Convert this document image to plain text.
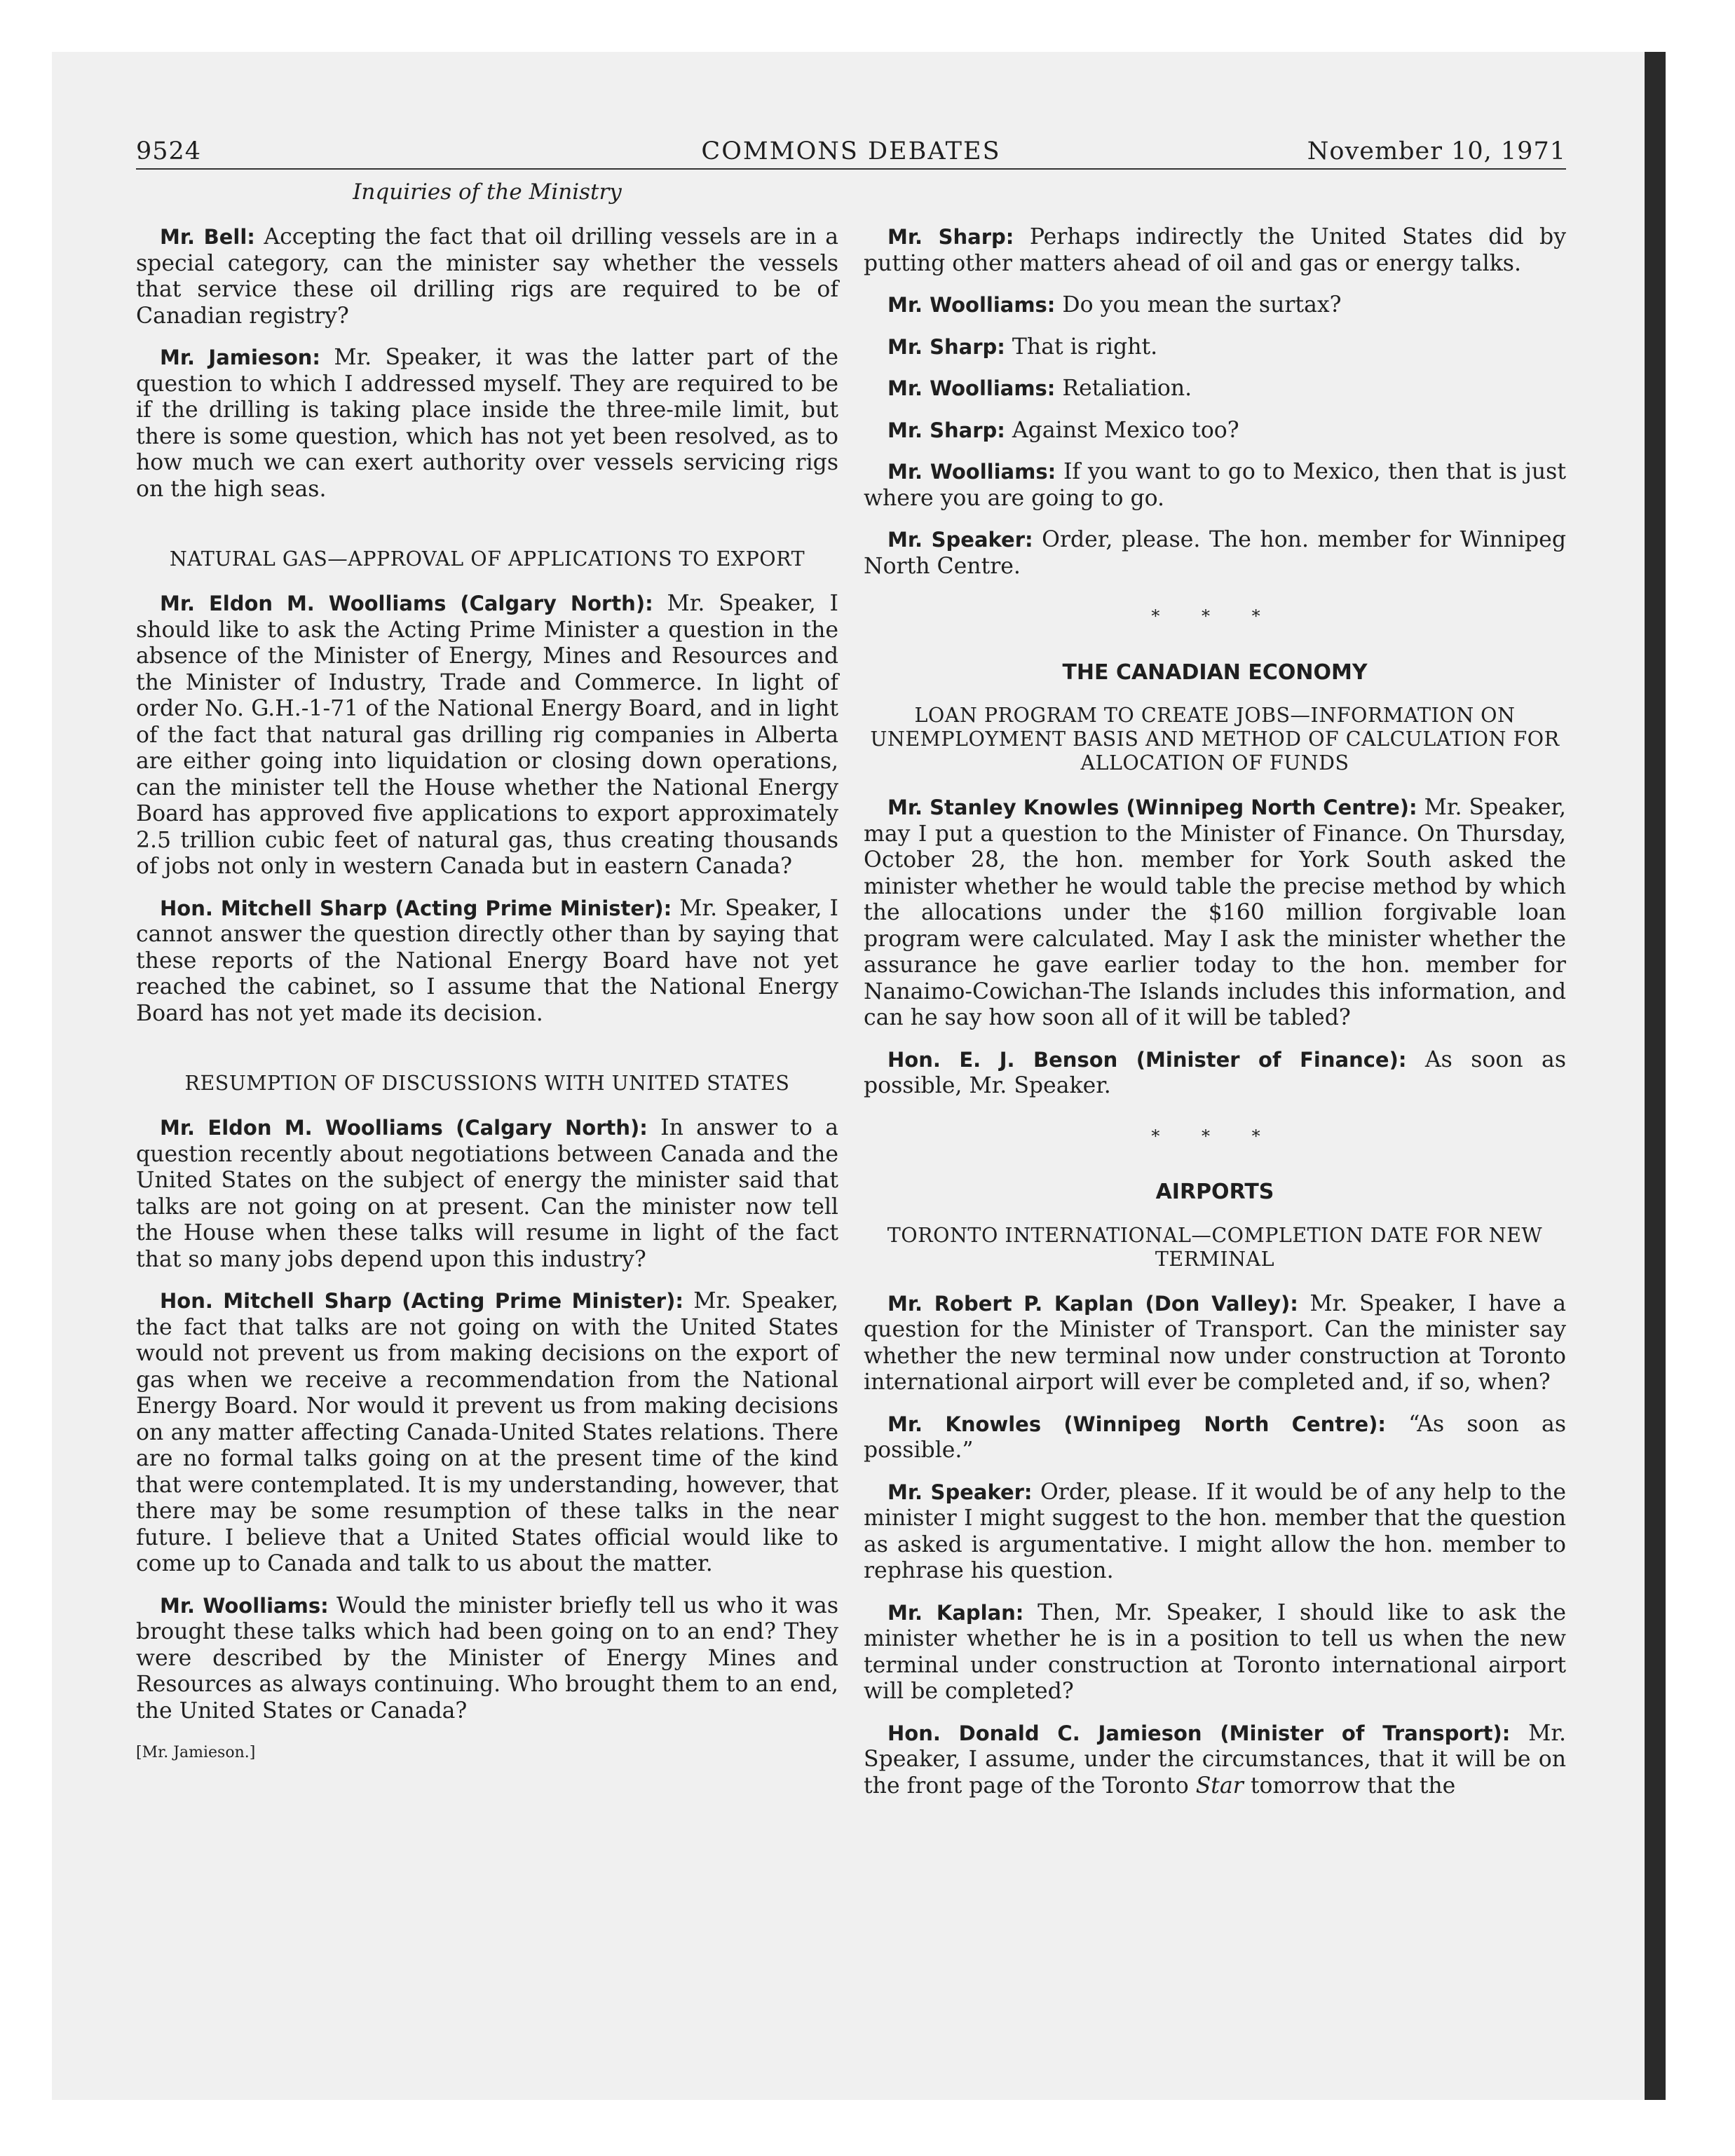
COMMONS DEBATES
9524	November 10, 1971
Inquiries of the Ministry

Mr. Bell: Accepting the fact that oil drilling vessels are in a special category, can the minister say whether the vessels that service these oil drilling rigs are required to be of Canadian registry?

Mr. Jamieson: Mr. Speaker, it was the latter part of the question to which I addressed myself. They are required to be if the drilling is taking place inside the three-mile limit, but there is some question, which has not yet been resolved, as to how much we can exert authority over vessels servicing rigs on the high seas.

NATURAL GAS—APPROVAL OF APPLICATIONS TO EXPORT

Mr. Eldon M. Woolliams (Calgary North): Mr. Speaker, I should like to ask the Acting Prime Minister a question in the absence of the Minister of Energy, Mines and Resources and the Minister of Industry, Trade and Commerce. In light of order No. G.H.-1-71 of the National Energy Board, and in light of the fact that natural gas drilling rig companies in Alberta are either going into liquidation or closing down operations, can the minister tell the House whether the National Energy Board has approved five applications to export approximately 2.5 trillion cubic feet of natural gas, thus creating thousands of jobs not only in western Canada but in eastern Canada?

Hon. Mitchell Sharp (Acting Prime Minister): Mr. Speaker, I cannot answer the question directly other than by saying that these reports of the National Energy Board have not yet reached the cabinet, so I assume that the National Energy Board has not yet made its decision.

RESUMPTION OF DISCUSSIONS WITH UNITED STATES

Mr. Eldon M. Woolliams (Calgary North): In answer to a question recently about negotiations between Canada and the United States on the subject of energy the minister said that talks are not going on at present. Can the minister now tell the House when these talks will resume in light of the fact that so many jobs depend upon this industry?

Hon. Mitchell Sharp (Acting Prime Minister): Mr. Speaker, the fact that talks are not going on with the United States would not prevent us from making decisions on the export of gas when we receive a recommendation from the National Energy Board. Nor would it prevent us from making decisions on any matter affecting Canada-United States relations. There are no formal talks going on at the present time of the kind that were contemplated. It is my understanding, however, that there may be some resumption of these talks in the near future. I believe that a United States official would like to come up to Canada and talk to us about the matter.

Mr. Woolliams: Would the minister briefly tell us who it was brought these talks which had been going on to an end? They were described by the Minister of Energy Mines and Resources as always continuing. Who brought them to an end, the United States or Canada?

[Mr. Jamieson.]

Mr. Sharp: Perhaps indirectly the United States did by putting other matters ahead of oil and gas or energy talks.

Mr. Woolliams: Do you mean the surtax?

Mr. Sharp: That is right.

Mr. Woolliams: Retaliation.

Mr. Sharp: Against Mexico too?

Mr. Woolliams: If you want to go to Mexico, then that is just where you are going to go.

Mr. Speaker: Order, please. The hon. member for Winnipeg North Centre.

* * *
THE CANADIAN ECONOMY
LOAN PROGRAM TO CREATE JOBS—INFORMATION ON UNEMPLOYMENT BASIS AND METHOD OF CALCULATION FOR ALLOCATION OF FUNDS

Mr. Stanley Knowles (Winnipeg North Centre): Mr. Speaker, may I put a question to the Minister of Finance. On Thursday, October 28, the hon. member for York South asked the minister whether he would table the precise method by which the allocations under the $160 million forgivable loan program were calculated. May I ask the minister whether the assurance he gave earlier today to the hon. member for Nanaimo-Cowichan-The Islands includes this information, and can he say how soon all of it will be tabled?

Hon. E. J. Benson (Minister of Finance): As soon as possible, Mr. Speaker.

* * *
AIRPORTS
TORONTO INTERNATIONAL—COMPLETION DATE FOR NEW TERMINAL

Mr. Robert P. Kaplan (Don Valley): Mr. Speaker, I have a question for the Minister of Transport. Can the minister say whether the new terminal now under construction at Toronto international airport will ever be completed and, if so, when?

Mr. Knowles (Winnipeg North Centre): “As soon as possible.”

Mr. Speaker: Order, please. If it would be of any help to the minister I might suggest to the hon. member that the question as asked is argumentative. I might allow the hon. member to rephrase his question.

Mr. Kaplan: Then, Mr. Speaker, I should like to ask the minister whether he is in a position to tell us when the new terminal under construction at Toronto international airport will be completed?

Hon. Donald C. Jamieson (Minister of Transport): Mr. Speaker, I assume, under the circumstances, that it will be on the front page of the Toronto Star tomorrow that the
